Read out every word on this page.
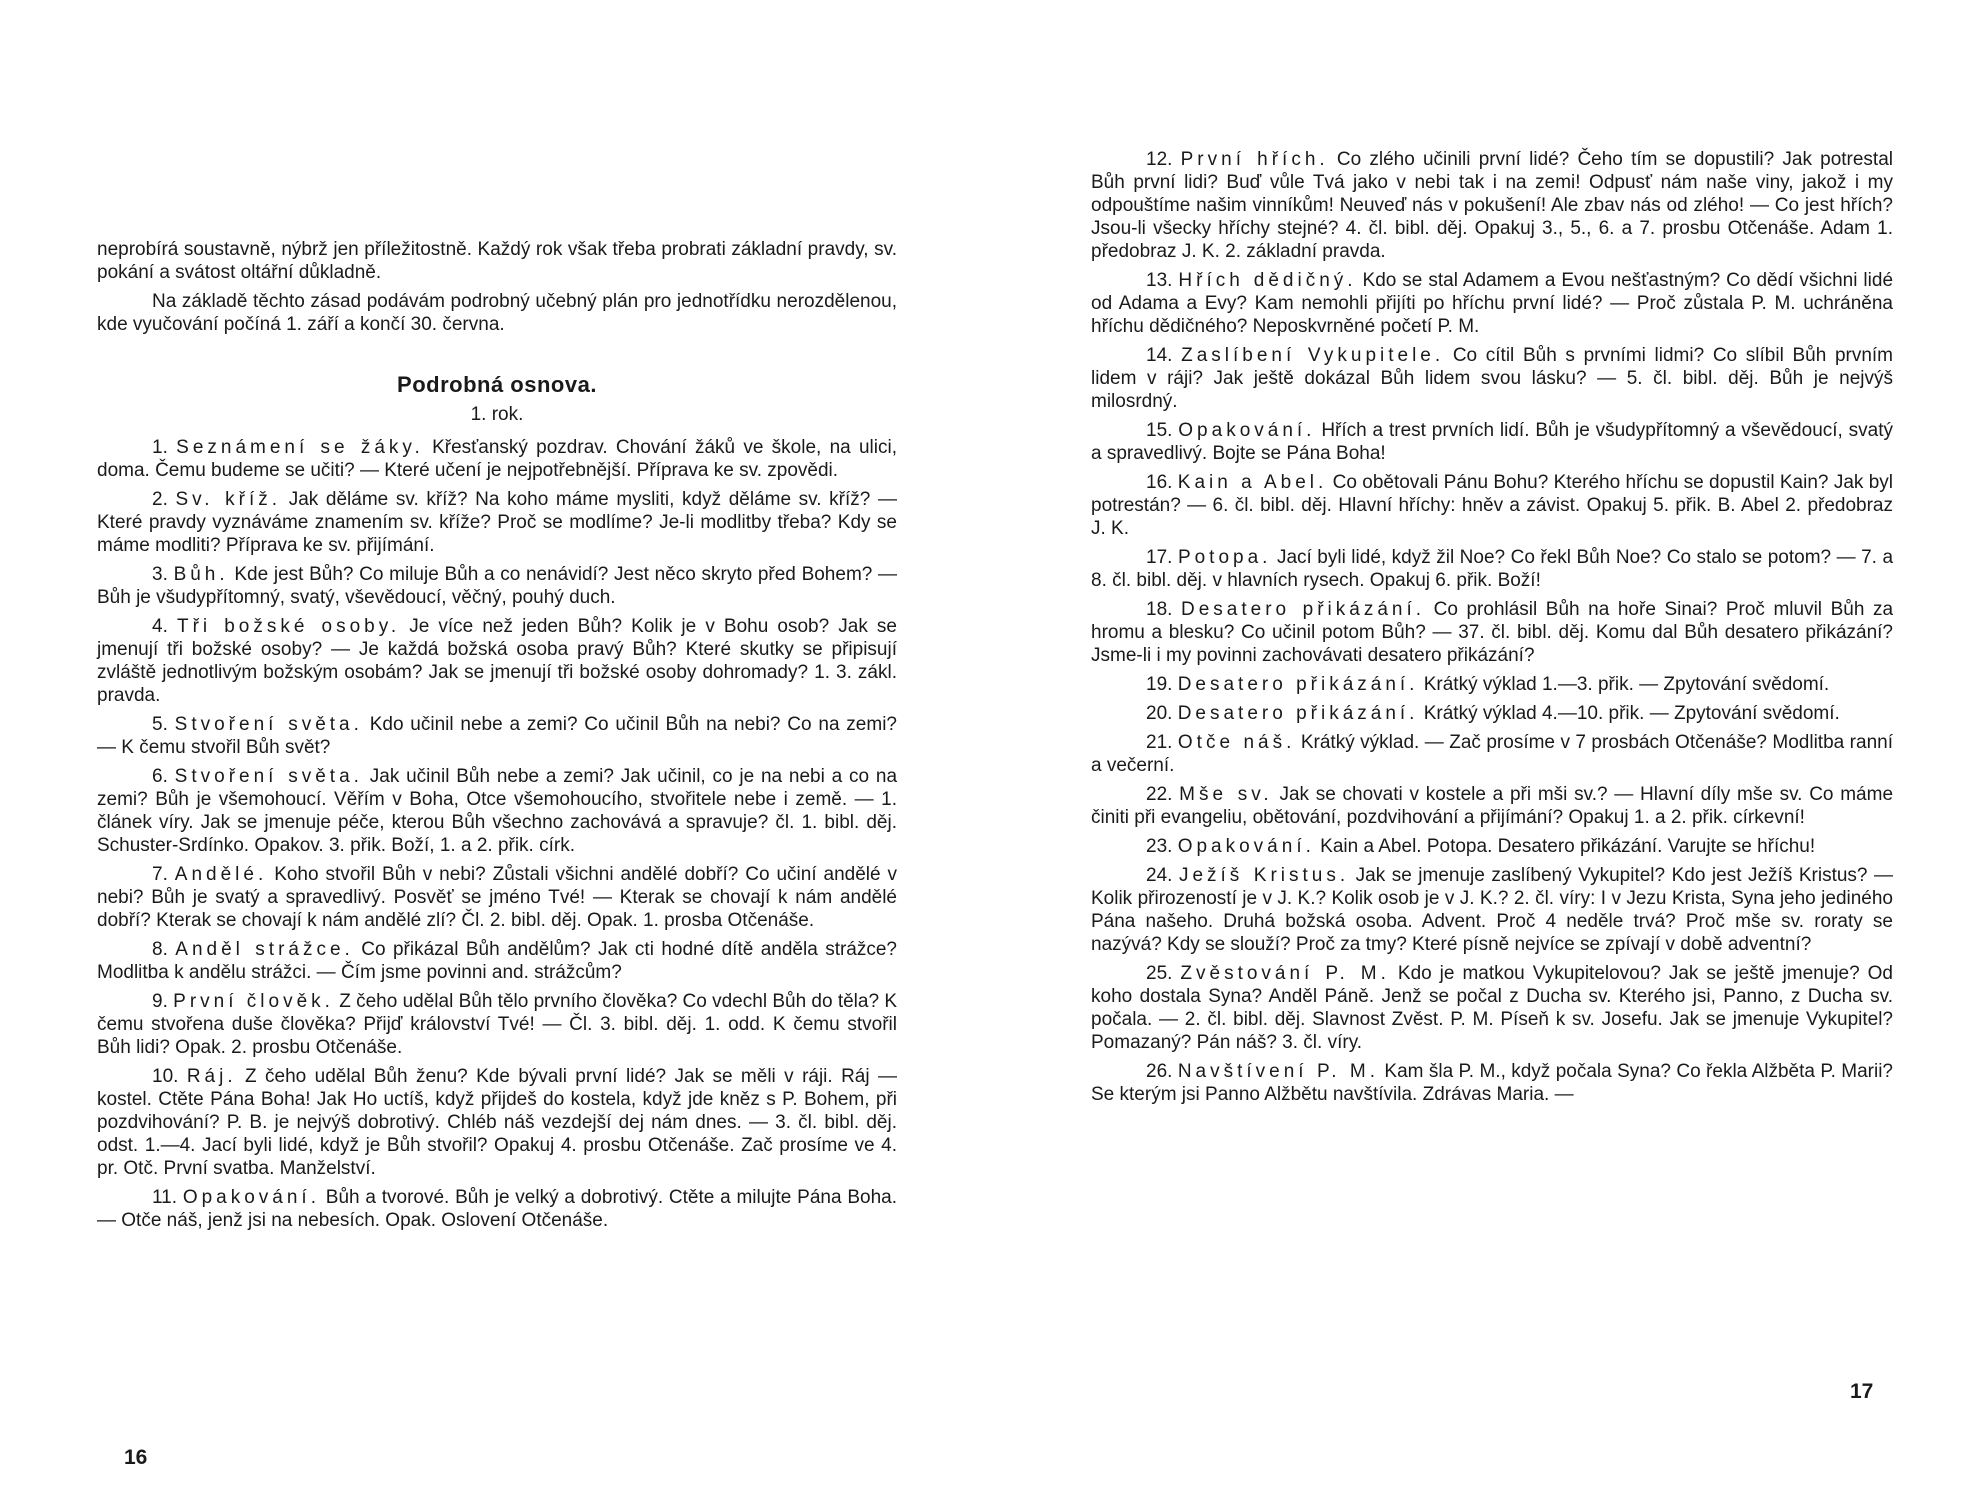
neprobírá soustavně, nýbrž jen příležitostně. Každý rok však třeba probrati základní pravdy, sv. pokání a svátost oltářní důkladně.

Na základě těchto zásad podávám podrobný učebný plán pro jednotřídku nerozdělenou, kde vyučování počíná 1. září a končí 30. června.

Podrobná osnova.
1. rok.

1. Seznámení se žáky. Křesťanský pozdrav. Chování žáků ve škole, na ulici, doma. Čemu budeme se učiti? — Které učení je nejpotřebnější. Příprava ke sv. zpovědi.

2. Sv. kříž. Jak děláme sv. kříž? Na koho máme mysliti, když děláme sv. kříž? — Které pravdy vyznáváme znamením sv. kříže? Proč se modlíme? Je-li modlitby třeba? Kdy se máme modliti? Příprava ke sv. přijímání.

3. Bůh. Kde jest Bůh? Co miluje Bůh a co nenávidí? Jest něco skryto před Bohem? — Bůh je všudypřítomný, svatý, vševědoucí, věčný, pouhý duch.

4. Tři božské osoby. Je více než jeden Bůh? Kolik je v Bohu osob? Jak se jmenují tři božské osoby? — Je každá božská osoba pravý Bůh? Které skutky se připisují zvláště jednotlivým božským osobám? Jak se jmenují tři božské osoby dohromady? 1. 3. zákl. pravda.

5. Stvoření světa. Kdo učinil nebe a zemi? Co učinil Bůh na nebi? Co na zemi? — K čemu stvořil Bůh svět?

6. Stvoření světa. Jak učinil Bůh nebe a zemi? Jak učinil, co je na nebi a co na zemi? Bůh je všemohoucí. Věřím v Boha, Otce všemohoucího, stvořitele nebe i země. — 1. článek víry. Jak se jmenuje péče, kterou Bůh všechno zachovává a spravuje? čl. 1. bibl. děj. Schuster-Srdínko. Opakov. 3. přik. Boží, 1. a 2. přik. círk.

7. Andělé. Koho stvořil Bůh v nebi? Zůstali všichni andělé dobří? Co učiní andělé v nebi? Bůh je svatý a spravedlivý. Posvěť se jméno Tvé! — Kterak se chovají k nám andělé dobří? Kterak se chovají k nám andělé zlí? Čl. 2. bibl. děj. Opak. 1. prosba Otčenáše.

8. Anděl strážce. Co přikázal Bůh andělům? Jak cti hodné dítě anděla strážce? Modlitba k andělu strážci. — Čím jsme povinni and. strážcům?

9. První člověk. Z čeho udělal Bůh tělo prvního člověka? Co vdechl Bůh do těla? K čemu stvořena duše člověka? Přijď království Tvé! — Čl. 3. bibl. děj. 1. odd. K čemu stvořil Bůh lidi? Opak. 2. prosbu Otčenáše.

10. Ráj. Z čeho udělal Bůh ženu? Kde bývali první lidé? Jak se měli v ráji. Ráj — kostel. Ctěte Pána Boha! Jak Ho uctíš, když přijdeš do kostela, když jde kněz s P. Bohem, při pozdvihování? P. B. je nejvýš dobrotivý. Chléb náš vezdejší dej nám dnes. — 3. čl. bibl. děj. odst. 1.—4. Jací byli lidé, když je Bůh stvořil? Opakuj 4. prosbu Otčenáše. Zač prosíme ve 4. pr. Otč. První svatba. Manželství.

11. Opakování. Bůh a tvorové. Bůh je velký a dobrotivý. Ctěte a milujte Pána Boha. — Otče náš, jenž jsi na nebesích. Opak. Oslovení Otčenáše.

16

12. První hřích. Co zlého učinili první lidé? Čeho tím se dopustili? Jak potrestal Bůh první lidi? Buď vůle Tvá jako v nebi tak i na zemi! Odpusť nám naše viny, jakož i my odpouštíme našim vinníkům! Neuveď nás v pokušení! Ale zbav nás od zlého! — Co jest hřích? Jsou-li všecky hříchy stejné? 4. čl. bibl. děj. Opakuj 3., 5., 6. a 7. prosbu Otčenáše. Adam 1. předobraz J. K. 2. základní pravda.

13. Hřích dědičný. Kdo se stal Adamem a Evou nešťastným? Co dědí všichni lidé od Adama a Evy? Kam nemohli přijíti po hříchu první lidé? — Proč zůstala P. M. uchráněna hříchu dědičného? Neposkvrněné početí P. M.

14. Zaslíbení Vykupitele. Co cítil Bůh s prvními lidmi? Co slíbil Bůh prvním lidem v ráji? Jak ještě dokázal Bůh lidem svou lásku? — 5. čl. bibl. děj. Bůh je nejvýš milosrdný.

15. Opakování. Hřích a trest prvních lidí. Bůh je všudypřítomný a vševědoucí, svatý a spravedlivý. Bojte se Pána Boha!

16. Kain a Abel. Co obětovali Pánu Bohu? Kterého hříchu se dopustil Kain? Jak byl potrestán? — 6. čl. bibl. děj. Hlavní hříchy: hněv a závist. Opakuj 5. přik. B. Abel 2. předobraz J. K.

17. Potopa. Jací byli lidé, když žil Noe? Co řekl Bůh Noe? Co stalo se potom? — 7. a 8. čl. bibl. děj. v hlavních rysech. Opakuj 6. přik. Boží!

18. Desatero přikázání. Co prohlásil Bůh na hoře Sinai? Proč mluvil Bůh za hromu a blesku? Co učinil potom Bůh? — 37. čl. bibl. děj. Komu dal Bůh desatero přikázání? Jsme-li i my povinni zachovávati desatero přikázání?

19. Desatero přikázání. Krátký výklad 1.—3. přik. — Zpytování svědomí.

20. Desatero přikázání. Krátký výklad 4.—10. přik. — Zpytování svědomí.

21. Otče náš. Krátký výklad. — Zač prosíme v 7 prosbách Otčenáše? Modlitba ranní a večerní.

22. Mše sv. Jak se chovati v kostele a při mši sv.? — Hlavní díly mše sv. Co máme činiti při evangeliu, obětování, pozdvihování a přijímání? Opakuj 1. a 2. přik. církevní!

23. Opakování. Kain a Abel. Potopa. Desatero přikázání. Varujte se hříchu!

24. Ježíš Kristus. Jak se jmenuje zaslíbený Vykupitel? Kdo jest Ježíš Kristus? — Kolik přirozeností je v J. K.? Kolik osob je v J. K.? 2. čl. víry: I v Jezu Krista, Syna jeho jediného Pána našeho. Druhá božská osoba. Advent. Proč 4 neděle trvá? Proč mše sv. roraty se nazývá? Kdy se slouží? Proč za tmy? Které písně nejvíce se zpívají v době adventní?

25. Zvěstování P. M. Kdo je matkou Vykupitelovou? Jak se ještě jmenuje? Od koho dostala Syna? Anděl Páně. Jenž se počal z Ducha sv. Kterého jsi, Panno, z Ducha sv. počala. — 2. čl. bibl. děj. Slavnost Zvěst. P. M. Píseň k sv. Josefu. Jak se jmenuje Vykupitel? Pomazaný? Pán náš? 3. čl. víry.

26. Navštívení P. M. Kam šla P. M., když počala Syna? Co řekla Alžběta P. Marii? Se kterým jsi Panno Alžbětu navštívila. Zdrávas Maria. —

17
